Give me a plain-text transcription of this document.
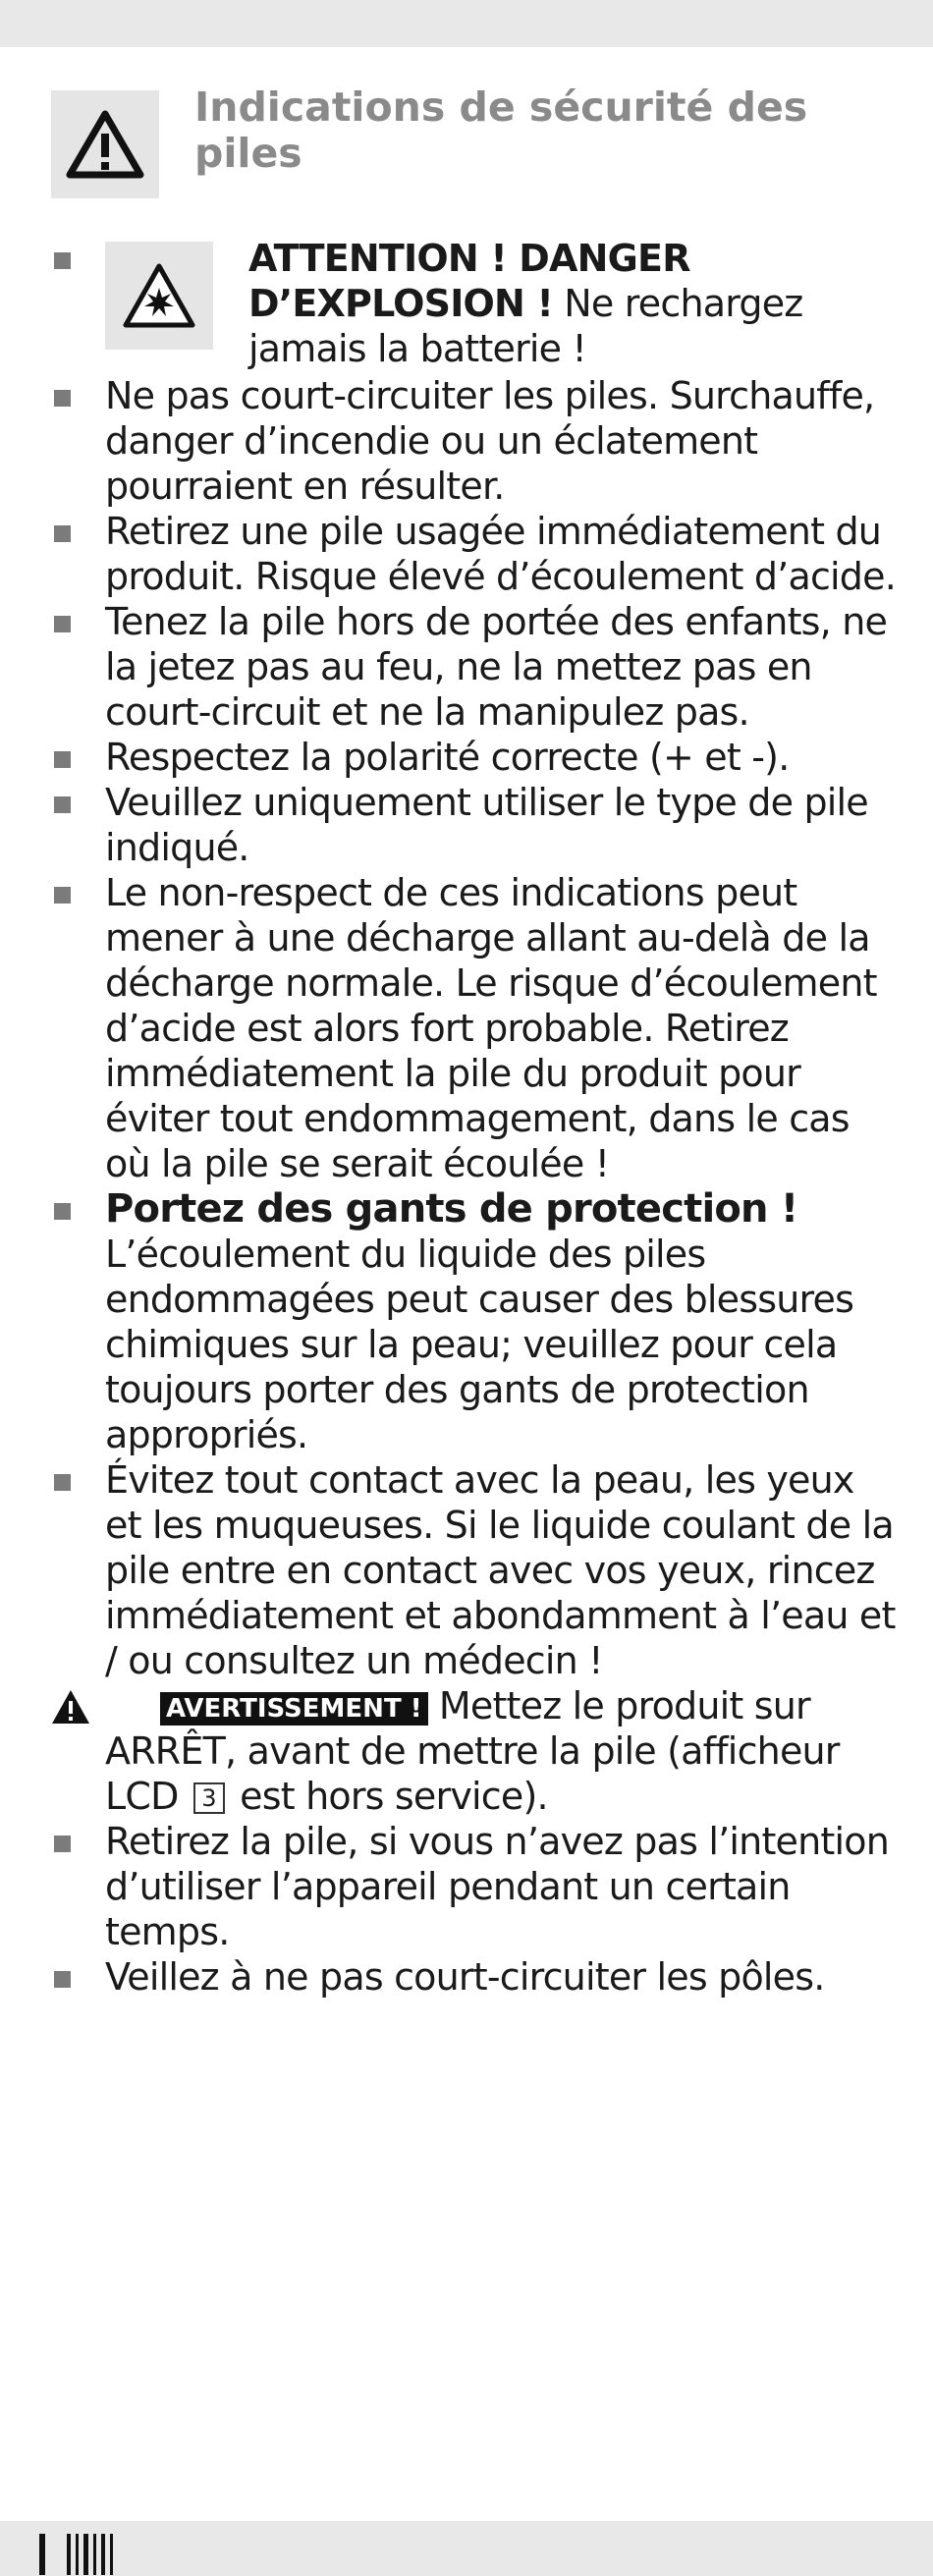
Indications de sécurité des piles
ATTENTION ! DANGER D’EXPLOSION ! Ne rechargez jamais la batterie !
Ne pas court-circuiter les piles. Surchauffe, danger d’incendie ou un éclatement pourraient en résulter.
Retirez une pile usagée immédiatement du produit. Risque élevé d’écoulement d’acide.
Tenez la pile hors de portée des enfants, ne la jetez pas au feu, ne la mettez pas en court-circuit et ne la manipulez pas.
Respectez la polarité correcte (+ et -).
Veuillez uniquement utiliser le type de pile indiqué.
Le non-respect de ces indications peut mener à une décharge allant au-delà de la décharge normale. Le risque d’écoulement d’acide est alors fort probable. Retirez immédiatement la pile du produit pour éviter tout endommagement, dans le cas où la pile se serait écoulée !
Portez des gants de protection !
L’écoulement du liquide des piles endommagées peut causer des blessures chimiques sur la peau; veuillez pour cela toujours porter des gants de protection appropriés.
Évitez tout contact avec la peau, les yeux et les muqueuses. Si le liquide coulant de la pile entre en contact avec vos yeux, rincez immédiatement et abondamment à l’eau et / ou consultez un médecin !
AVERTISSEMENT ! Mettez le produit sur ARRÊT, avant de mettre la pile (afficheur LCD 3 est hors service).
Retirez la pile, si vous n’avez pas l’intention d’utiliser l’appareil pendant un certain temps.
Veillez à ne pas court-circuiter les pôles.
